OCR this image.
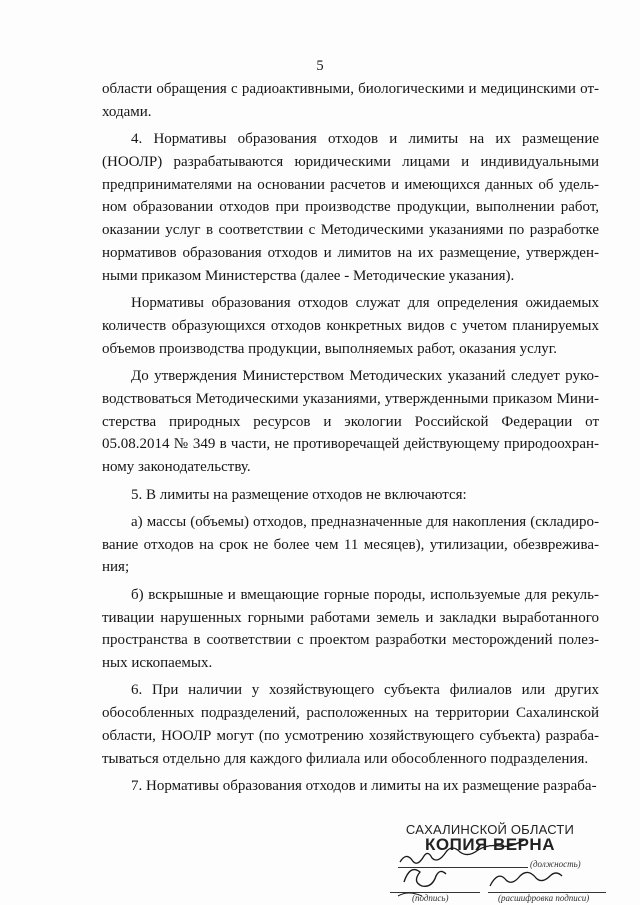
5

области обращения с радиоактивными, биологическими и медицинскими от-ходами.

4. Нормативы образования отходов и лимиты на их размещение (НООЛР) разрабатываются юридическими лицами и индивидуальными предпринимателями на основании расчетов и имеющихся данных об удель-ном образовании отходов при производстве продукции, выполнении работ, оказании услуг в соответствии с Методическими указаниями по разработке нормативов образования отходов и лимитов на их размещение, утвержден-ными приказом Министерства (далее - Методические указания).

Нормативы образования отходов служат для определения ожидаемых количеств образующихся отходов конкретных видов с учетом планируемых объемов производства продукции, выполняемых работ, оказания услуг.

До утверждения Министерством Методических указаний следует руко-водствоваться Методическими указаниями, утвержденными приказом Мини-стерства природных ресурсов и экологии Российской Федерации от 05.08.2014 № 349 в части, не противоречащей действующему природоохран-ному законодательству.

5. В лимиты на размещение отходов не включаются:

а) массы (объемы) отходов, предназначенные для накопления (складиро-вание отходов на срок не более чем 11 месяцев), утилизации, обезврежива-ния;

б) вскрышные и вмещающие горные породы, используемые для рекуль-тивации нарушенных горными работами земель и закладки выработанного пространства в соответствии с проектом разработки месторождений полез-ных ископаемых.

6. При наличии у хозяйствующего субъекта филиалов или других обособленных подразделений, расположенных на территории Сахалинской области, НООЛР могут (по усмотрению хозяйствующего субъекта) разраба-тываться отдельно для каждого филиала или обособленного подразделения.

7. Нормативы образования отходов и лимиты на их размещение разраба-

САХАЛИНСКОЙ ОБЛАСТИ
КОПИЯ ВЕРНА
(должность)
(подпись)	(расшифровка подписи)
